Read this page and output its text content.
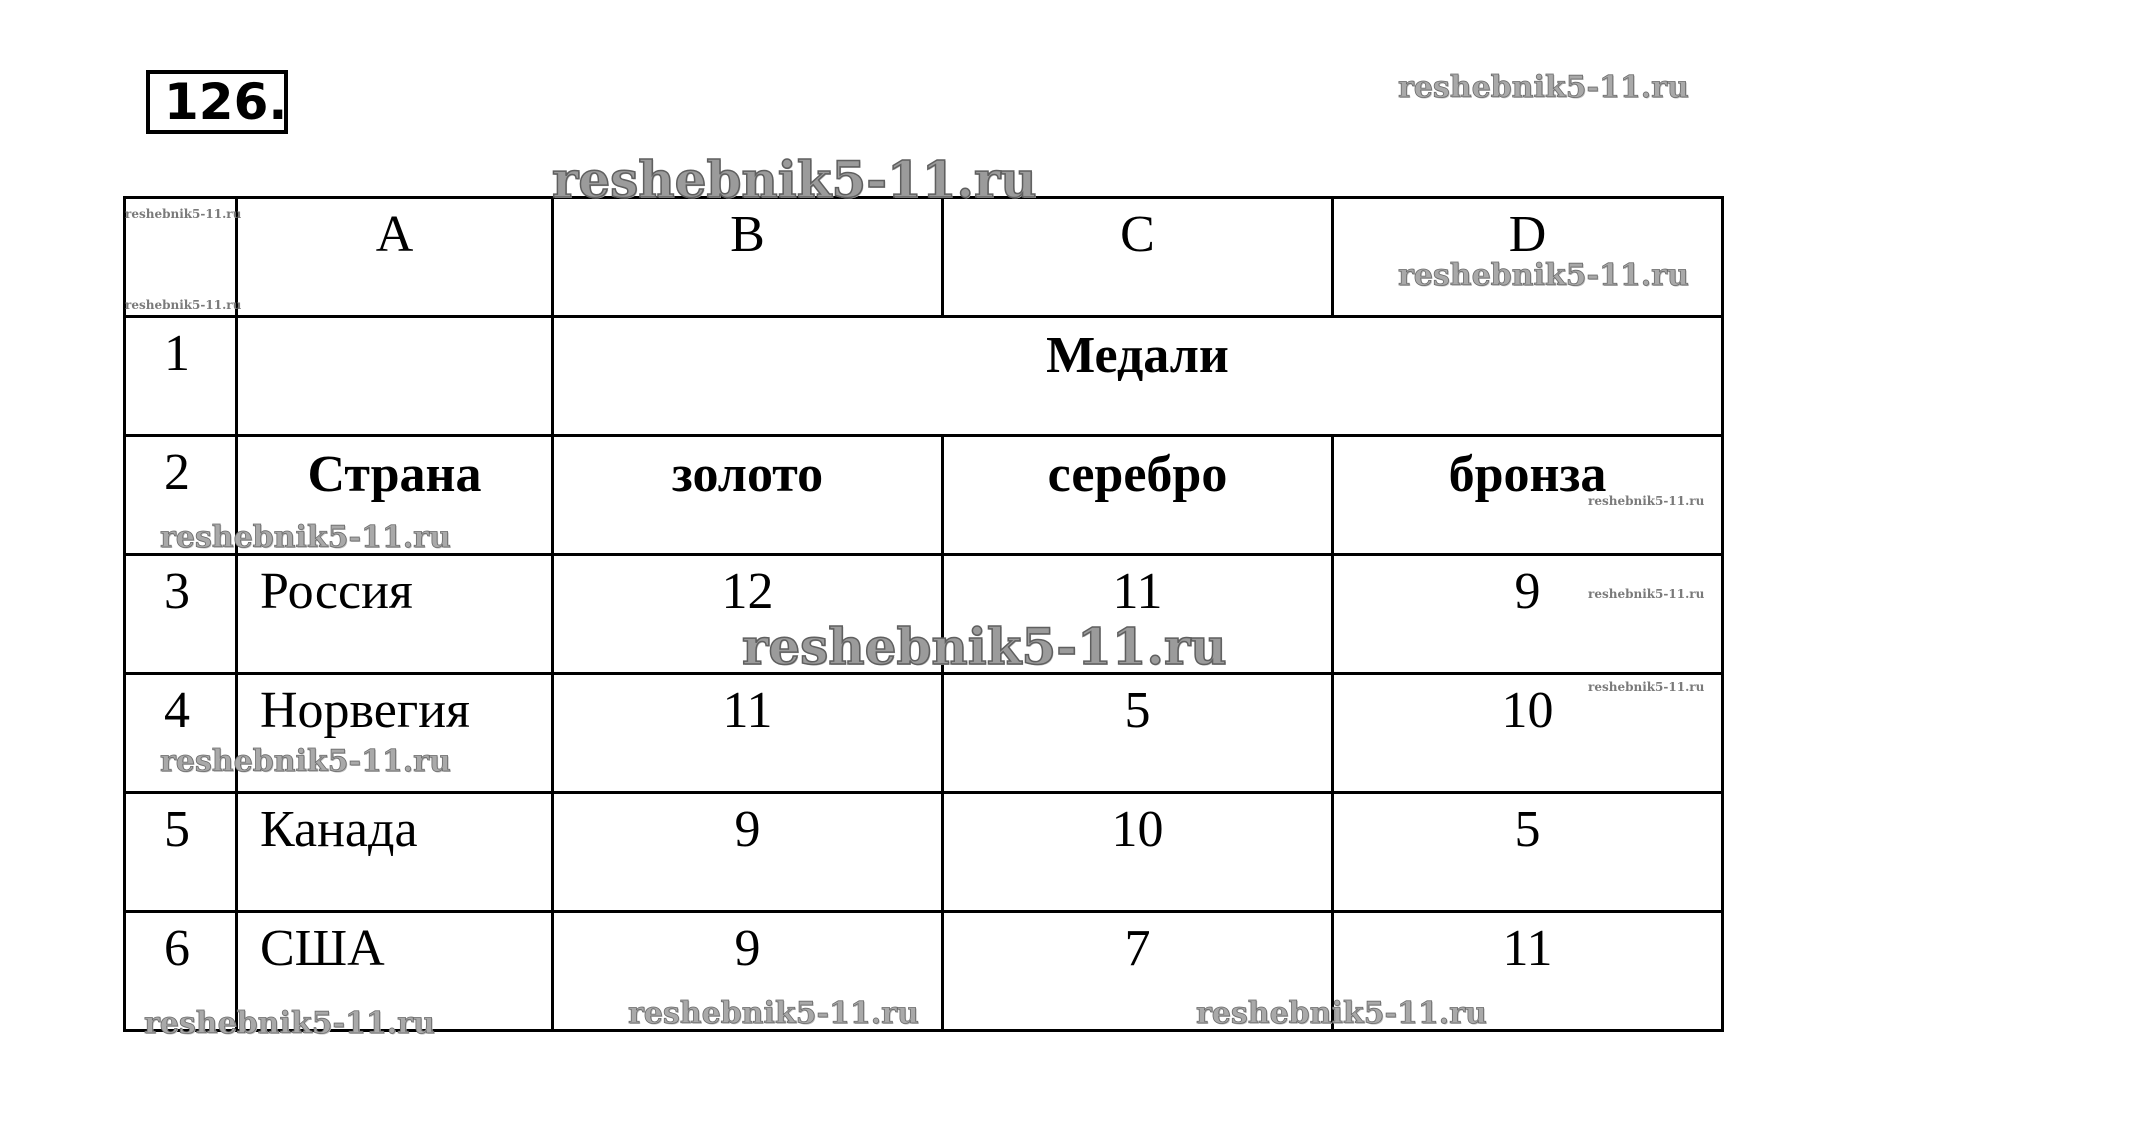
126.

	A	B	C	D

1		Медали		

2	Страна	золото	серебро	бронза

3	Россия	12	11	9

4	Норвегия	11	5	10

5	Канада	9	10	5

6	США	9	7	11
reshebnik5-11.ru
reshebnik5-11.ru
reshebnik5-11.ru
reshebnik5-11.ru
reshebnik5-11.ru
reshebnik5-11.ru
reshebnik5-11.ru
reshebnik5-11.ru
reshebnik5-11.ru
reshebnik5-11.ru
reshebnik5-11.ru
reshebnik5-11.ru	reshebnik5-11.ru	reshebnik5-11.ru
